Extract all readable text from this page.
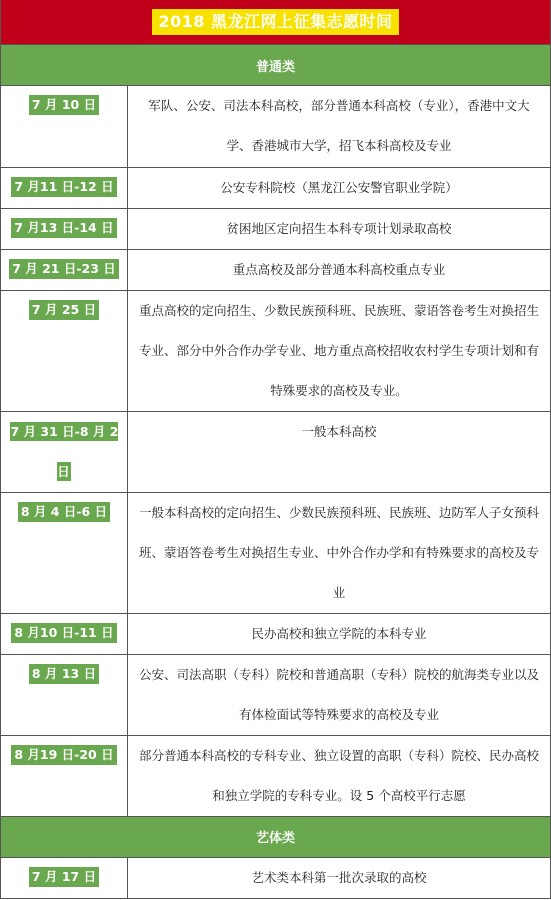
2018 黑龙江网上征集志愿时间
普通类
7 月 10 日	军队、公安、司法本科高校，部分普通本科高校（专业），香港中文大学、香港城市大学，招飞本科高校及专业

7 月11 日-12 日	公安专科院校（黑龙江公安警官职业学院）

7 月13 日-14 日	贫困地区定向招生本科专项计划录取高校

7 月 21 日-23 日	重点高校及部分普通本科高校重点专业

7 月 25 日	重点高校的定向招生、少数民族预科班、民族班、蒙语答卷考生对换招生专业、部分中外合作办学专业、地方重点高校招收农村学生专项计划和有特殊要求的高校及专业。

7 月 31 日-8 月 2 日	一般本科高校

8 月 4 日-6 日	一般本科高校的定向招生、少数民族预科班、民族班、边防军人子女预科班、蒙语答卷考生对换招生专业、中外合作办学和有特殊要求的高校及专业

8 月10 日-11 日	民办高校和独立学院的本科专业

8 月 13 日	公安、司法高职（专科）院校和普通高职（专科）院校的航海类专业以及有体检面试等特殊要求的高校及专业

8 月19 日-20 日	部分普通本科高校的专科专业、独立设置的高职（专科）院校、民办高校和独立学院的专科专业。设 5 个高校平行志愿
艺体类
7 月 17 日	艺术类本科第一批次录取的高校
